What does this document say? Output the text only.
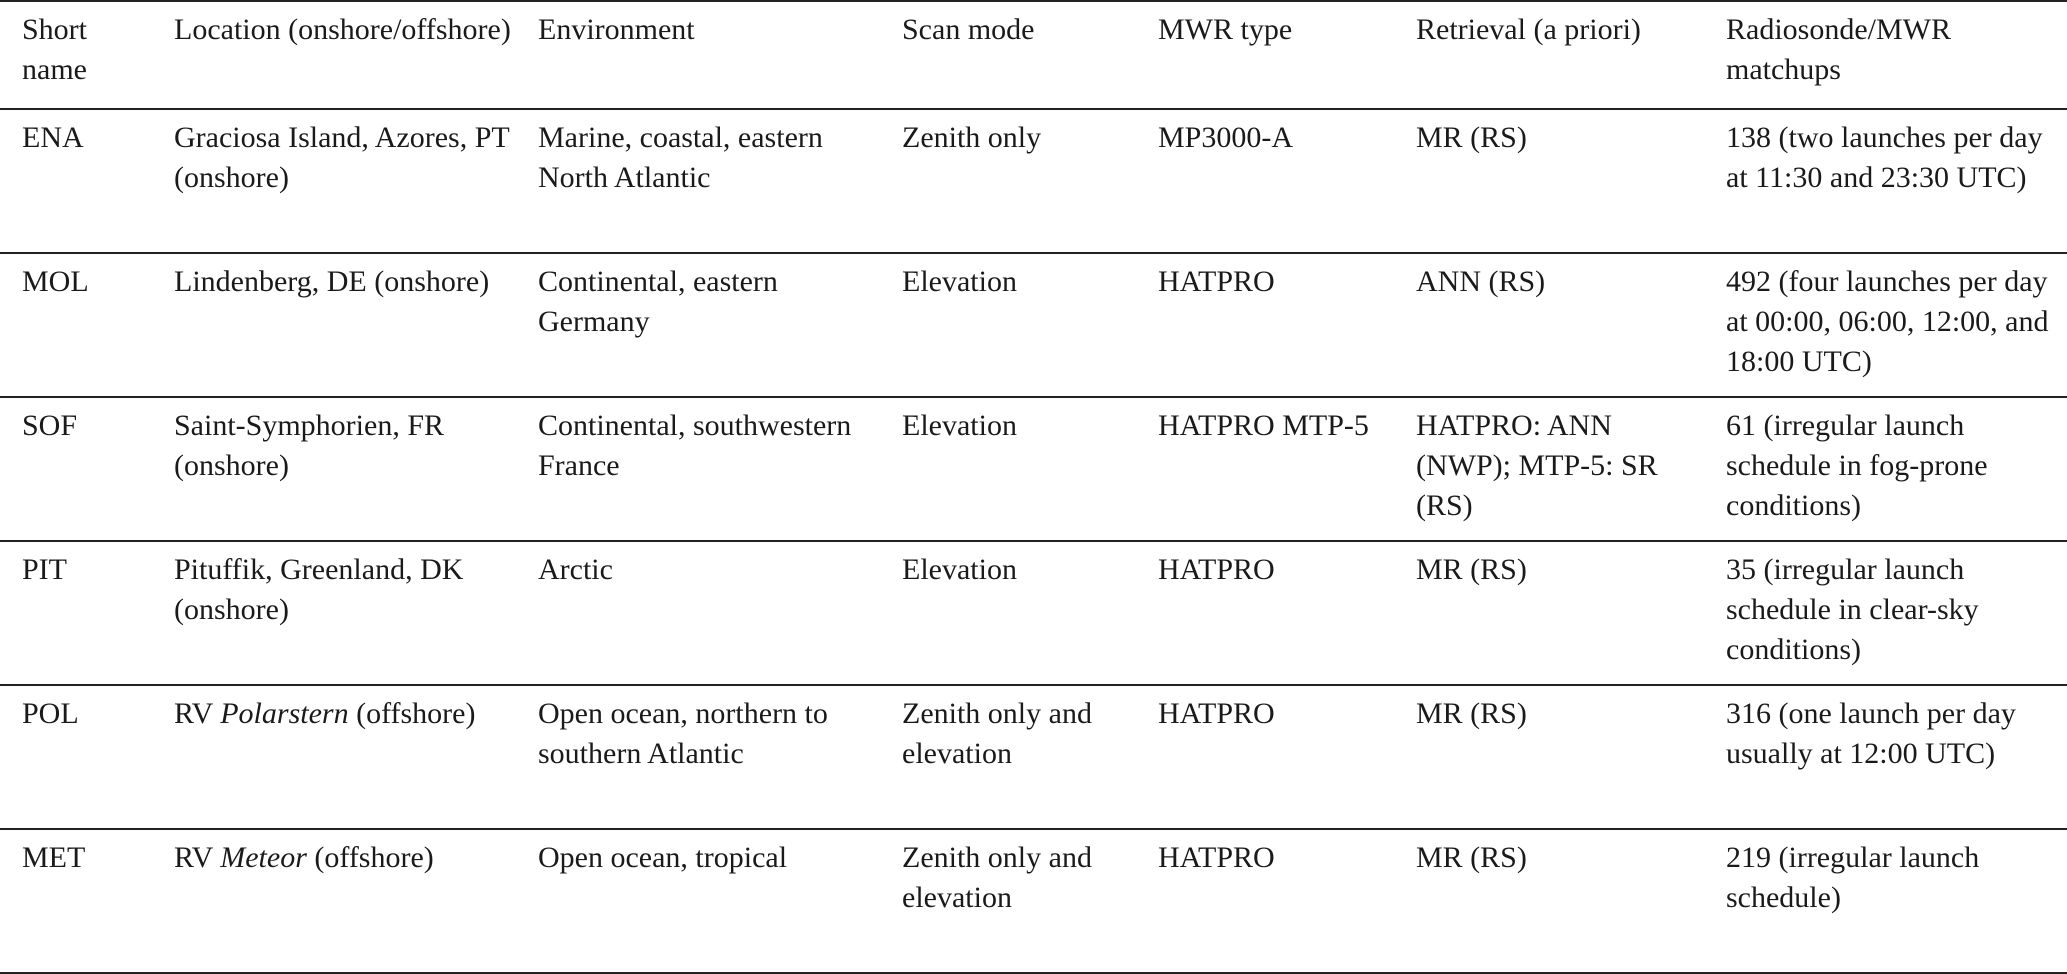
Short name	Location (onshore/offshore)	Environment	Scan mode	MWR type	Retrieval (a priori)	Radiosonde/MWR matchups
ENA	Graciosa Island, Azores, PT (onshore)	Marine, coastal, eastern North Atlantic	Zenith only	MP3000-A	MR (RS)	138 (two launches per day at 11:30 and 23:30 UTC)
MOL	Lindenberg, DE (onshore)	Continental, eastern Germany	Elevation	HATPRO	ANN (RS)	492 (four launches per day at 00:00, 06:00, 12:00, and 18:00 UTC)
SOF	Saint-Symphorien, FR (onshore)	Continental, southwestern France	Elevation	HATPRO MTP-5	HATPRO: ANN (NWP); MTP-5: SR (RS)	61 (irregular launch schedule in fog-prone conditions)
PIT	Pituffik, Greenland, DK (onshore)	Arctic	Elevation	HATPRO	MR (RS)	35 (irregular launch schedule in clear-sky conditions)
POL	RV Polarstern (offshore)	Open ocean, northern to southern Atlantic	Zenith only and elevation	HATPRO	MR (RS)	316 (one launch per day usually at 12:00 UTC)
MET	RV Meteor (offshore)	Open ocean, tropical	Zenith only and elevation	HATPRO	MR (RS)	219 (irregular launch schedule)
